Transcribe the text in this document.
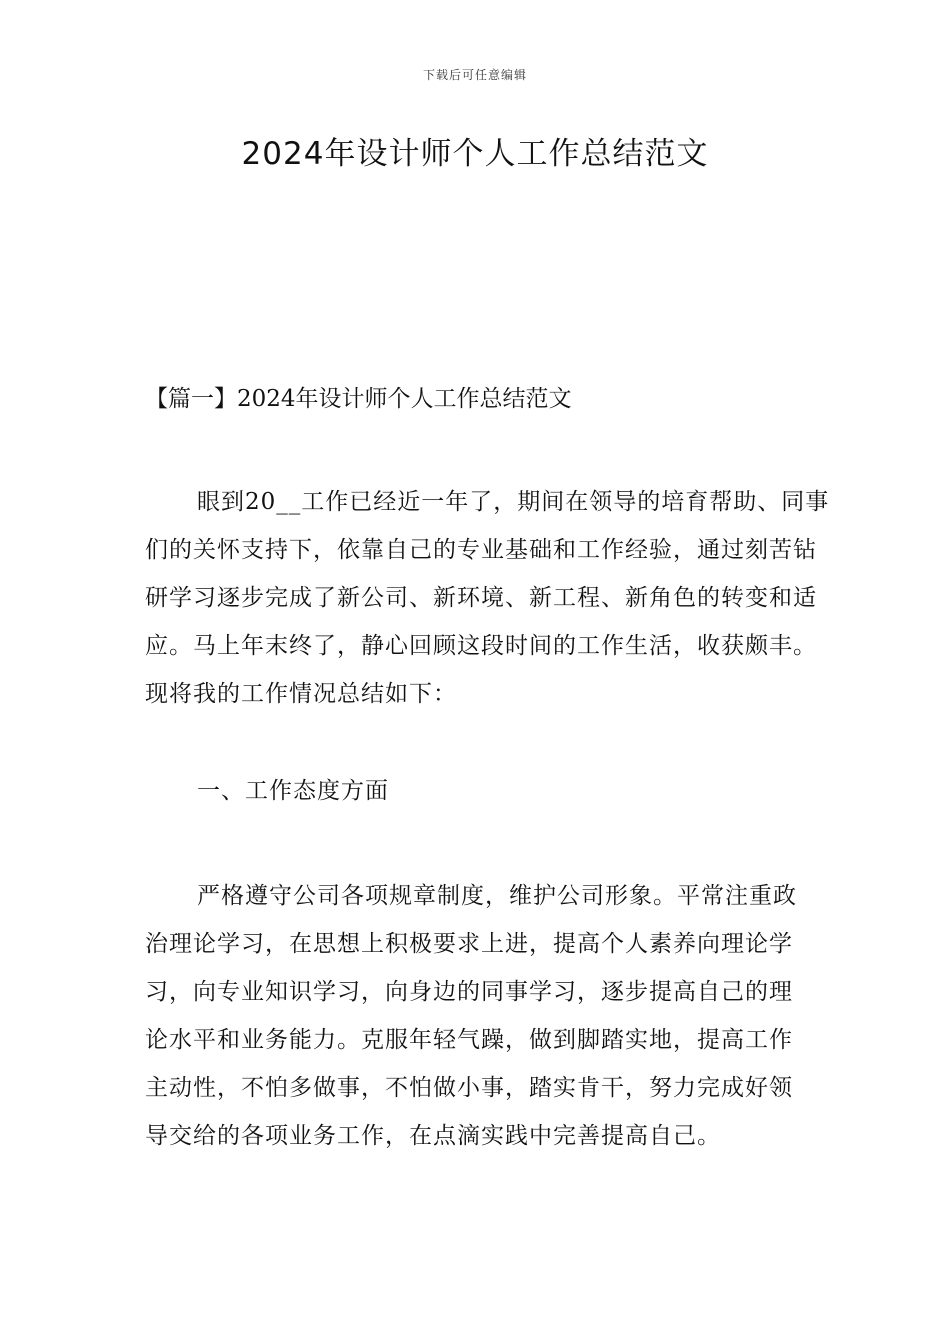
下载后可任意编辑
2024年设计师个人工作总结范文
【篇一】2024年设计师个人工作总结范文

眼到20__工作已经近一年了，期间在领导的培育帮助、同事们的关怀支持下，依靠自己的专业基础和工作经验，通过刻苦钻研学习逐步完成了新公司、新环境、新工程、新角色的转变和适应。马上年末终了，静心回顾这段时间的工作生活，收获颇丰。现将我的工作情况总结如下：

一、工作态度方面

严格遵守公司各项规章制度，维护公司形象。平常注重政治理论学习，在思想上积极要求上进，提高个人素养向理论学习，向专业知识学习，向身边的同事学习，逐步提高自己的理论水平和业务能力。克服年轻气躁，做到脚踏实地，提高工作主动性，不怕多做事，不怕做小事，踏实肯干，努力完成好领导交给的各项业务工作，在点滴实践中完善提高自己。
